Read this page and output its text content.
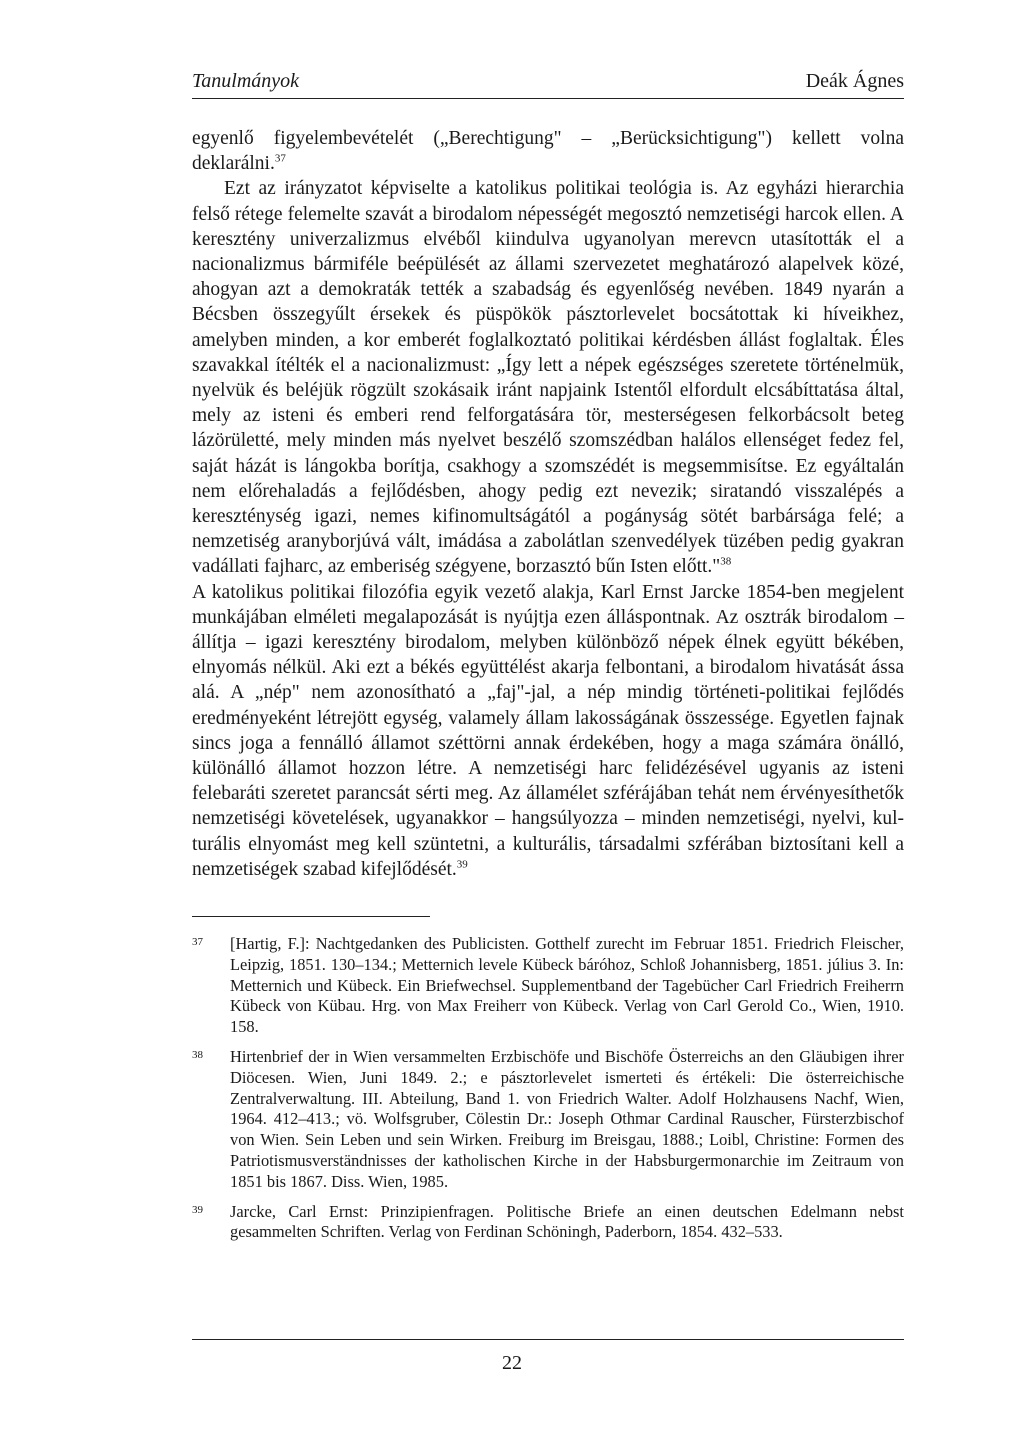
Tanulmányok	Deák Ágnes

egyenlő figyelembevételét („Berechtigung" – „Berücksichtigung") kellett volna deklarálni.$^{37}$

Ezt az irányzatot képviselte a katolikus politikai teológia is. Az egyházi hierarchia felső rétege felemelte szavát a birodalom népességét megosztó nemzetiségi harcok ellen. A keresztény univerzalizmus elvéből kiindulva ugyanolyan merevcn utasították el a nacionalizmus bármiféle beépülését az állami szervezetet meghatározó alapelvek közé, ahogyan azt a demokraták tették a szabadság és egyenlőség nevében. 1849 nyarán a Bécsben összegyűlt érsekek és püspökök pásztorlevelet bocsátottak ki híveikhez, amelyben minden, a kor emberét foglalkoztató politikai kérdésben állást foglaltak. Éles szavakkal ítélték el a nacionalizmust: „Így lett a népek egészséges szeretete történelmük, nyelvük és beléjük rögzült szokásaik iránt napjaink Istentől elfordult elcsábíttatása által, mely az isteni és emberi rend felforgatására tör, mesterségesen felkorbácsolt beteg lázörületté, mely minden más nyelvet beszélő szomszédban halálos ellenséget fedez fel, saját házát is lángokba borítja, csakhogy a szomszédét is megsemmisítse. Ez egyáltalán nem előrehaladás a fejlődésben, ahogy pedig ezt nevezik; siratandó visszalépés a kereszténység igazi, nemes kifinomultságától a pogányság sötét barbársága felé; a nemzetiség aranyborjúvá vált, imádása a zabolátlan szenvedélyek tüzében pedig gyakran vadállati fajharc, az emberiség szégyene, borzasztó bűn Isten előtt."$^{38}$

A katolikus politikai filozófia egyik vezető alakja, Karl Ernst Jarcke 1854-ben megjelent munkájában elméleti megalapozását is nyújtja ezen álláspontnak. Az osztrák birodalom – állítja – igazi keresztény birodalom, melyben különböző népek élnek együtt békében, elnyomás nélkül. Aki ezt a békés együttélést akarja felbontani, a birodalom hivatását ássa alá. A „nép" nem azonosítható a „faj"-jal, a nép mindig történeti-politikai fejlődés eredményeként létrejött egység, valamely állam lakosságának összessége. Egyetlen fajnak sincs joga a fennálló államot széttörni annak érdekében, hogy a maga számára önálló, különálló államot hozzon létre. A nemzetiségi harc felidézésével ugyanis az isteni felebaráti szeretet parancsát sérti meg. Az államélet szférájában tehát nem érvényesíthetők nemzetiségi követelések, ugyanakkor – hangsúlyozza – minden nemzetiségi, nyelvi, kulturális elnyomást meg kell szüntetni, a kulturális, társadalmi szférában biztosítani kell a nemzetiségek szabad kifejlődését.$^{39}$

37 [Hartig, F.]: Nachtgedanken des Publicisten. Gotthelf zurecht im Februar 1851. Friedrich Fleischer, Leipzig, 1851. 130–134.; Metternich levele Kübeck báróhoz, Schloß Johannisberg, 1851. július 3. In: Metternich und Kübeck. Ein Briefwechsel. Supplementband der Tagebücher Carl Friedrich Freiherrn Kübeck von Kübau. Hrg. von Max Freiherr von Kübeck. Verlag von Carl Gerold Co., Wien, 1910. 158.
38 Hirtenbrief der in Wien versammelten Erzbischöfe und Bischöfe Österreichs an den Gläubigen ihrer Diöcesen. Wien, Juni 1849. 2.; e pásztorlevelet ismerteti és értékeli: Die österreichische Zentralverwaltung. III. Abteilung, Band 1. von Friedrich Walter. Adolf Holzhausens Nachf, Wien, 1964. 412–413.; vö. Wolfsgruber, Cölestin Dr.: Joseph Othmar Cardinal Rauscher, Fürsterzbischof von Wien. Sein Leben und sein Wirken. Freiburg im Breisgau, 1888.; Loibl, Christine: Formen des Patriotismusverständnisses der katholischen Kirche in der Habsburgermonarchie im Zeitraum von 1851 bis 1867. Diss. Wien, 1985.
39 Jarcke, Carl Ernst: Prinzipienfragen. Politische Briefe an einen deutschen Edelmann nebst gesammelten Schriften. Verlag von Ferdinan Schöningh, Paderborn, 1854. 432–533.
22
